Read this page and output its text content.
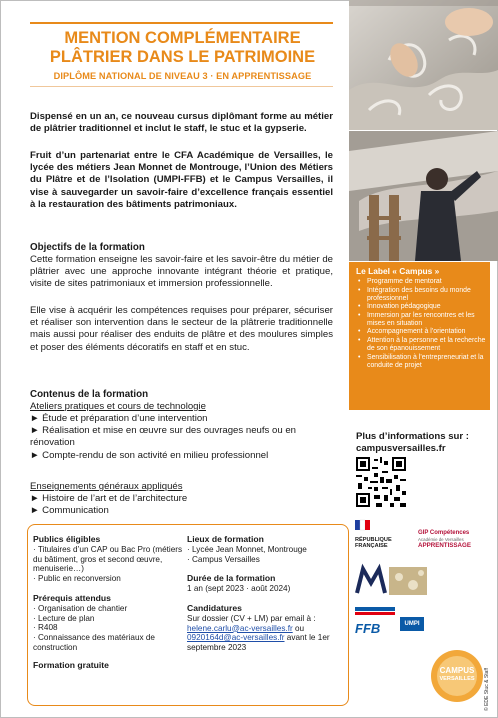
MENTION COMPLÉMENTAIRE
PLÂTRIER DANS LE PATRIMOINE
DIPLÔME NATIONAL DE NIVEAU 3 · EN APPRENTISSAGE
Dispensé en un an, ce nouveau cursus diplômant forme au métier de plâtrier traditionnel et inclut le staff, le stuc et la gypserie.
Fruit d’un partenariat entre le CFA Académique de Versailles, le lycée des métiers Jean Monnet de Montrouge, l’Union des Métiers du Plâtre et de l’Isolation (UMPI-FFB) et le Campus Versailles, il vise à sauvegarder un savoir-faire d’excellence français essentiel à la restauration des bâtiments patrimoniaux.
Objectifs de la formation
Cette formation enseigne les savoir-faire et les savoir-être du métier de plâtrier avec une approche innovante intégrant théorie et pratique, visite de sites patrimoniaux et immersion professionnelle.
Elle vise à acquérir les compétences requises pour préparer, sécuriser et réaliser son intervention dans le secteur de la plâtrerie traditionnelle mais aussi pour réaliser des enduits de plâtre et des moulures simples et poser des éléments décoratifs en staff et en stuc.
Contenus de la formation
Ateliers pratiques et cours de technologie
► Étude et préparation d’une intervention
► Réalisation et mise en œuvre sur des ouvrages neufs ou en rénovation
► Compte-rendu de son activité en milieu professionnel
Enseignements généraux appliqués
► Histoire de l’art et de l’architecture
► Communication
Le Label « Campus »
• Programme de mentorat
• Intégration des besoins du monde professionnel
• Innovation pédagogique
• Immersion par les rencontres et les mises en situation
• Accompagnement à l’orientation
• Attention à la personne et la recherche de son épanouissement
• Sensibilisation à l’entrepreneuriat et la conduite de projet
Plus d’informations sur :
campusversailles.fr
Publics éligibles
· Titulaires d’un CAP ou Bac Pro (métiers du bâtiment, gros et second œuvre, menuiserie…)
· Public en reconversion
Prérequis attendus
· Organisation de chantier
· Lecture de plan
· R408
· Connaissance des matériaux de construction
Formation gratuite
Lieux de formation
· Lycée Jean Monnet, Montrouge
· Campus Versailles
Durée de la formation
1 an (sept 2023 · août 2024)
Candidatures
Sur dossier (CV + LM) par email à : helene.carlu@ac-versailles.fr ou 0920164d@ac-versailles.fr avant le 1er septembre 2023
RÉPUBLIQUE
FRANÇAISE
GIP Compétences
Académie de Versailles
APPRENTISSAGE
FFB	UMPI
CAMPUS
VERSAILLES	© EDE Stuc & Staff
